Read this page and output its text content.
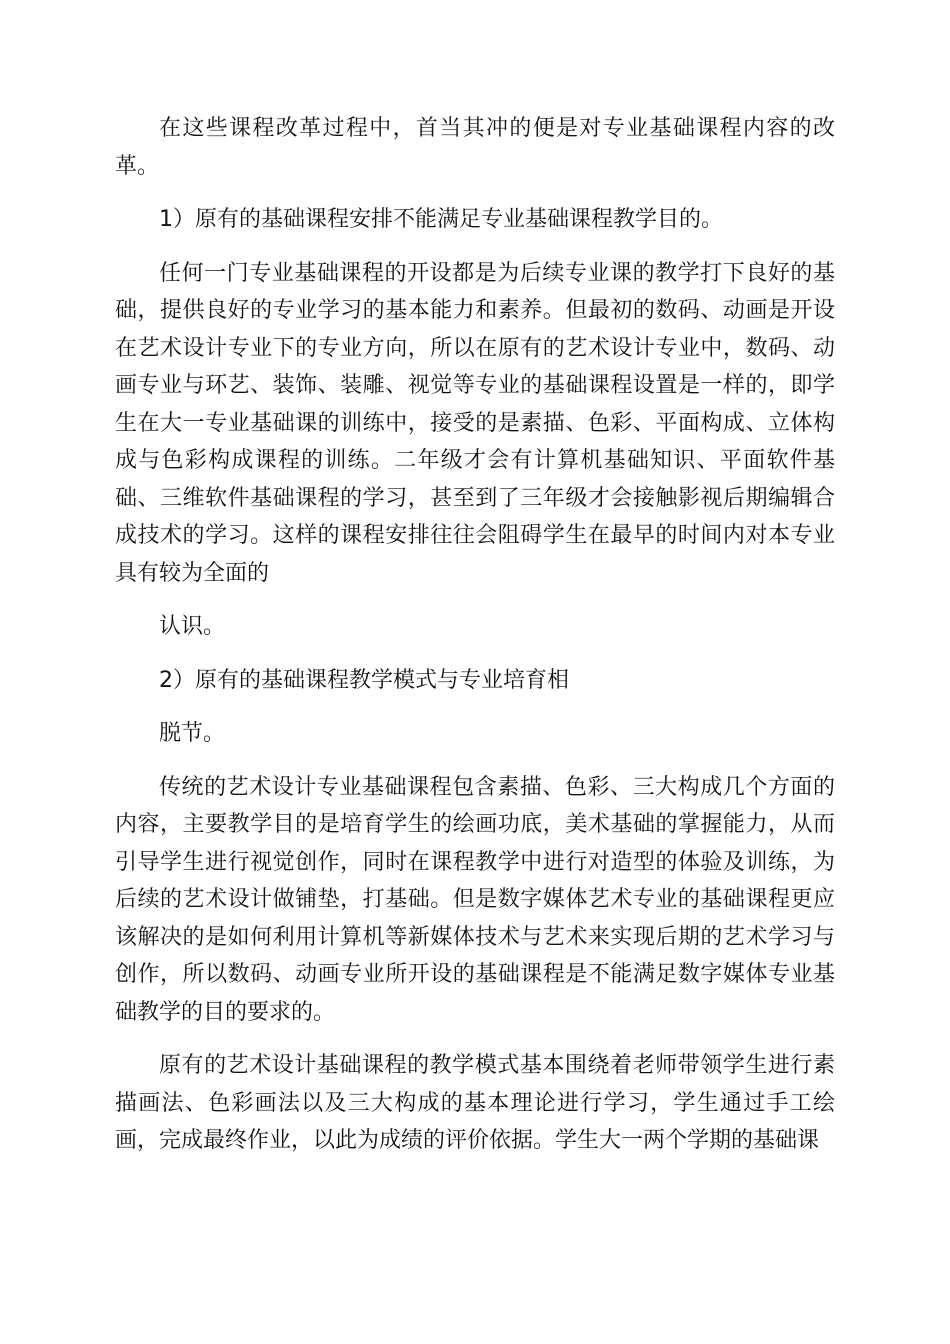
在这些课程改革过程中，首当其冲的便是对专业基础课程内容的改革。

1）原有的基础课程安排不能满足专业基础课程教学目的。

任何一门专业基础课程的开设都是为后续专业课的教学打下良好的基础，提供良好的专业学习的基本能力和素养。但最初的数码、动画是开设在艺术设计专业下的专业方向，所以在原有的艺术设计专业中，数码、动画专业与环艺、装饰、装雕、视觉等专业的基础课程设置是一样的，即学生在大一专业基础课的训练中，接受的是素描、色彩、平面构成、立体构成与色彩构成课程的训练。二年级才会有计算机基础知识、平面软件基础、三维软件基础课程的学习，甚至到了三年级才会接触影视后期编辑合成技术的学习。这样的课程安排往往会阻碍学生在最早的时间内对本专业具有较为全面的

认识。

2）原有的基础课程教学模式与专业培育相

脱节。

传统的艺术设计专业基础课程包含素描、色彩、三大构成几个方面的内容，主要教学目的是培育学生的绘画功底，美术基础的掌握能力，从而引导学生进行视觉创作，同时在课程教学中进行对造型的体验及训练，为后续的艺术设计做铺垫，打基础。但是数字媒体艺术专业的基础课程更应该解决的是如何利用计算机等新媒体技术与艺术来实现后期的艺术学习与创作，所以数码、动画专业所开设的基础课程是不能满足数字媒体专业基础教学的目的要求的。

原有的艺术设计基础课程的教学模式基本围绕着老师带领学生进行素描画法、色彩画法以及三大构成的基本理论进行学习，学生通过手工绘画，完成最终作业，以此为成绩的评价依据。学生大一两个学期的基础课
